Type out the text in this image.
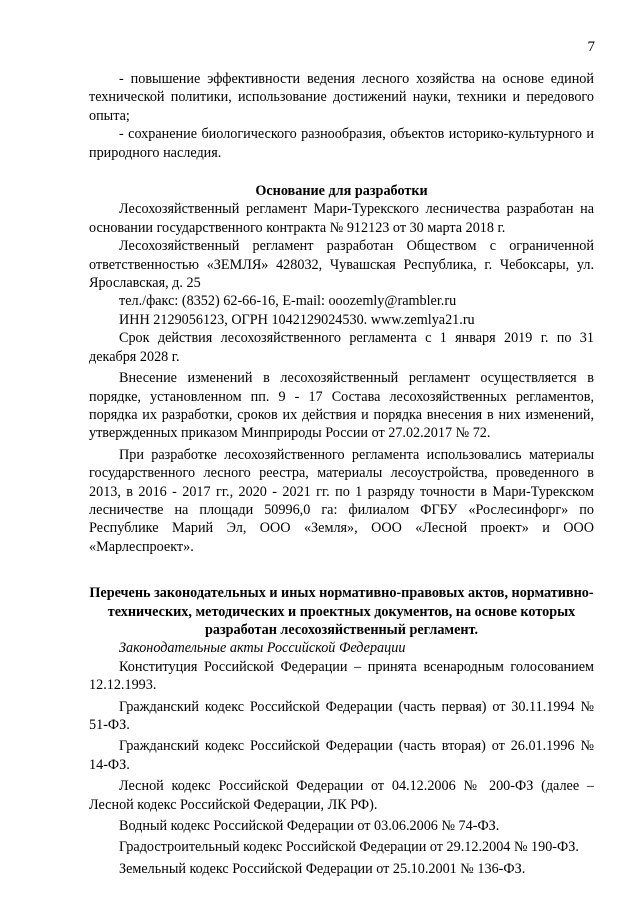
7

- повышение эффективности ведения лесного хозяйства на основе единой технической политики, использование достижений науки, техники и передового опыта;

- сохранение биологического разнообразия, объектов историко-культурного и природного наследия.

Основание для разработки

Лесохозяйственный регламент Мари-Турекского лесничества разработан на основании государственного контракта № 912123 от 30 марта 2018 г.

Лесохозяйственный регламент разработан Обществом с ограниченной ответственностью «ЗЕМЛЯ» 428032, Чувашская Республика, г. Чебоксары, ул. Ярославская, д. 25

тел./факс: (8352) 62-66-16, E-mail: ooozemly@rambler.ru

ИНН 2129056123, ОГРН 1042129024530. www.zemlya21.ru

Срок действия лесохозяйственного регламента с 1 января 2019 г. по 31 декабря 2028 г.

Внесение изменений в лесохозяйственный регламент осуществляется в порядке, установленном пп. 9 - 17 Состава лесохозяйственных регламентов, порядка их разработки, сроков их действия и порядка внесения в них изменений, утвержденных приказом Минприроды России от 27.02.2017 № 72.

При разработке лесохозяйственного регламента использовались материалы государственного лесного реестра, материалы лесоустройства, проведенного в 2013, в 2016 - 2017 гг., 2020 - 2021 гг. по 1 разряду точности в Мари-Турекском лесничестве на площади 50996,0 га: филиалом ФГБУ «Рослесинфорг» по Республике Марий Эл, ООО «Земля», ООО «Лесной проект» и ООО «Марлеспроект».

Перечень законодательных и иных нормативно-правовых актов, нормативно-технических, методических и проектных документов, на основе которых разработан лесохозяйственный регламент.

Законодательные акты Российской Федерации

Конституция Российской Федерации – принята всенародным голосованием 12.12.1993.

Гражданский кодекс Российской Федерации (часть первая) от 30.11.1994 № 51-ФЗ.

Гражданский кодекс Российской Федерации (часть вторая) от 26.01.1996 № 14-ФЗ.

Лесной кодекс Российской Федерации от 04.12.2006 № 200-ФЗ (далее – Лесной кодекс Российской Федерации, ЛК РФ).

Водный кодекс Российской Федерации от 03.06.2006 № 74-ФЗ.

Градостроительный кодекс Российской Федерации от 29.12.2004 № 190-ФЗ.

Земельный кодекс Российской Федерации от 25.10.2001 № 136-ФЗ.
